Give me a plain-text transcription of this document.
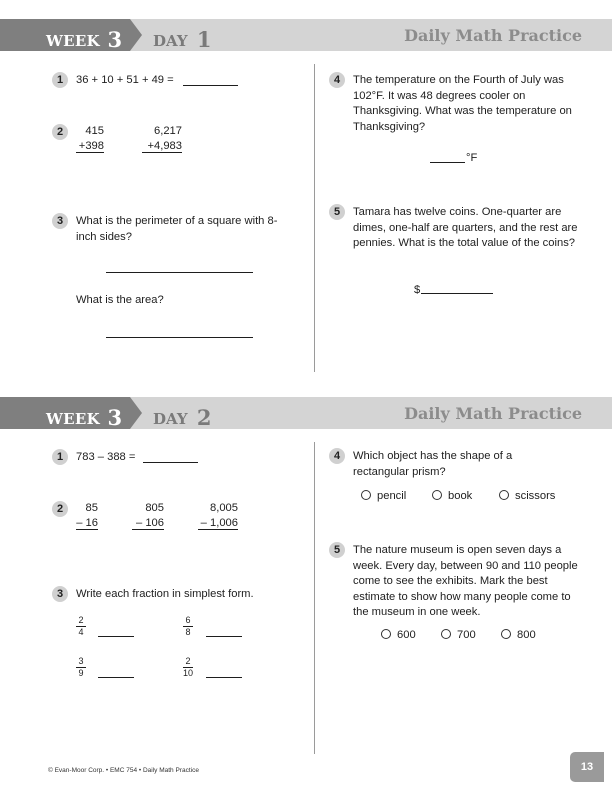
WEEK 3 DAY 1	Daily Math Practice
1	36 + 10 + 51 + 49 =
2	415
+398
6,217
+4,983
3	What is the perimeter of a square with 8-inch sides?
What is the area?
4	The temperature on the Fourth of July was 102°F. It was 48 degrees cooler on Thanksgiving. What was the temperature on Thanksgiving?
°F
5	Tamara has twelve coins. One-quarter are dimes, one-half are quarters, and the rest are pennies. What is the total value of the coins?
$
WEEK 3 DAY 2	Daily Math Practice
1	783 – 388 =
2	85
– 16
805
– 106
8,005
– 1,006
3	Write each fraction in simplest form.
$\frac{2}{4}$	$\frac{6}{8}$
$\frac{3}{9}$	$\frac{2}{10}$
4	Which object has the shape of a rectangular prism?
pencil	book	scissors
5	The nature museum is open seven days a week. Every day, between 90 and 110 people come to see the exhibits. Mark the best estimate to show how many people come to the museum in one week.
600	700	800
© Evan-Moor Corp. • EMC 754 • Daily Math Practice	13
